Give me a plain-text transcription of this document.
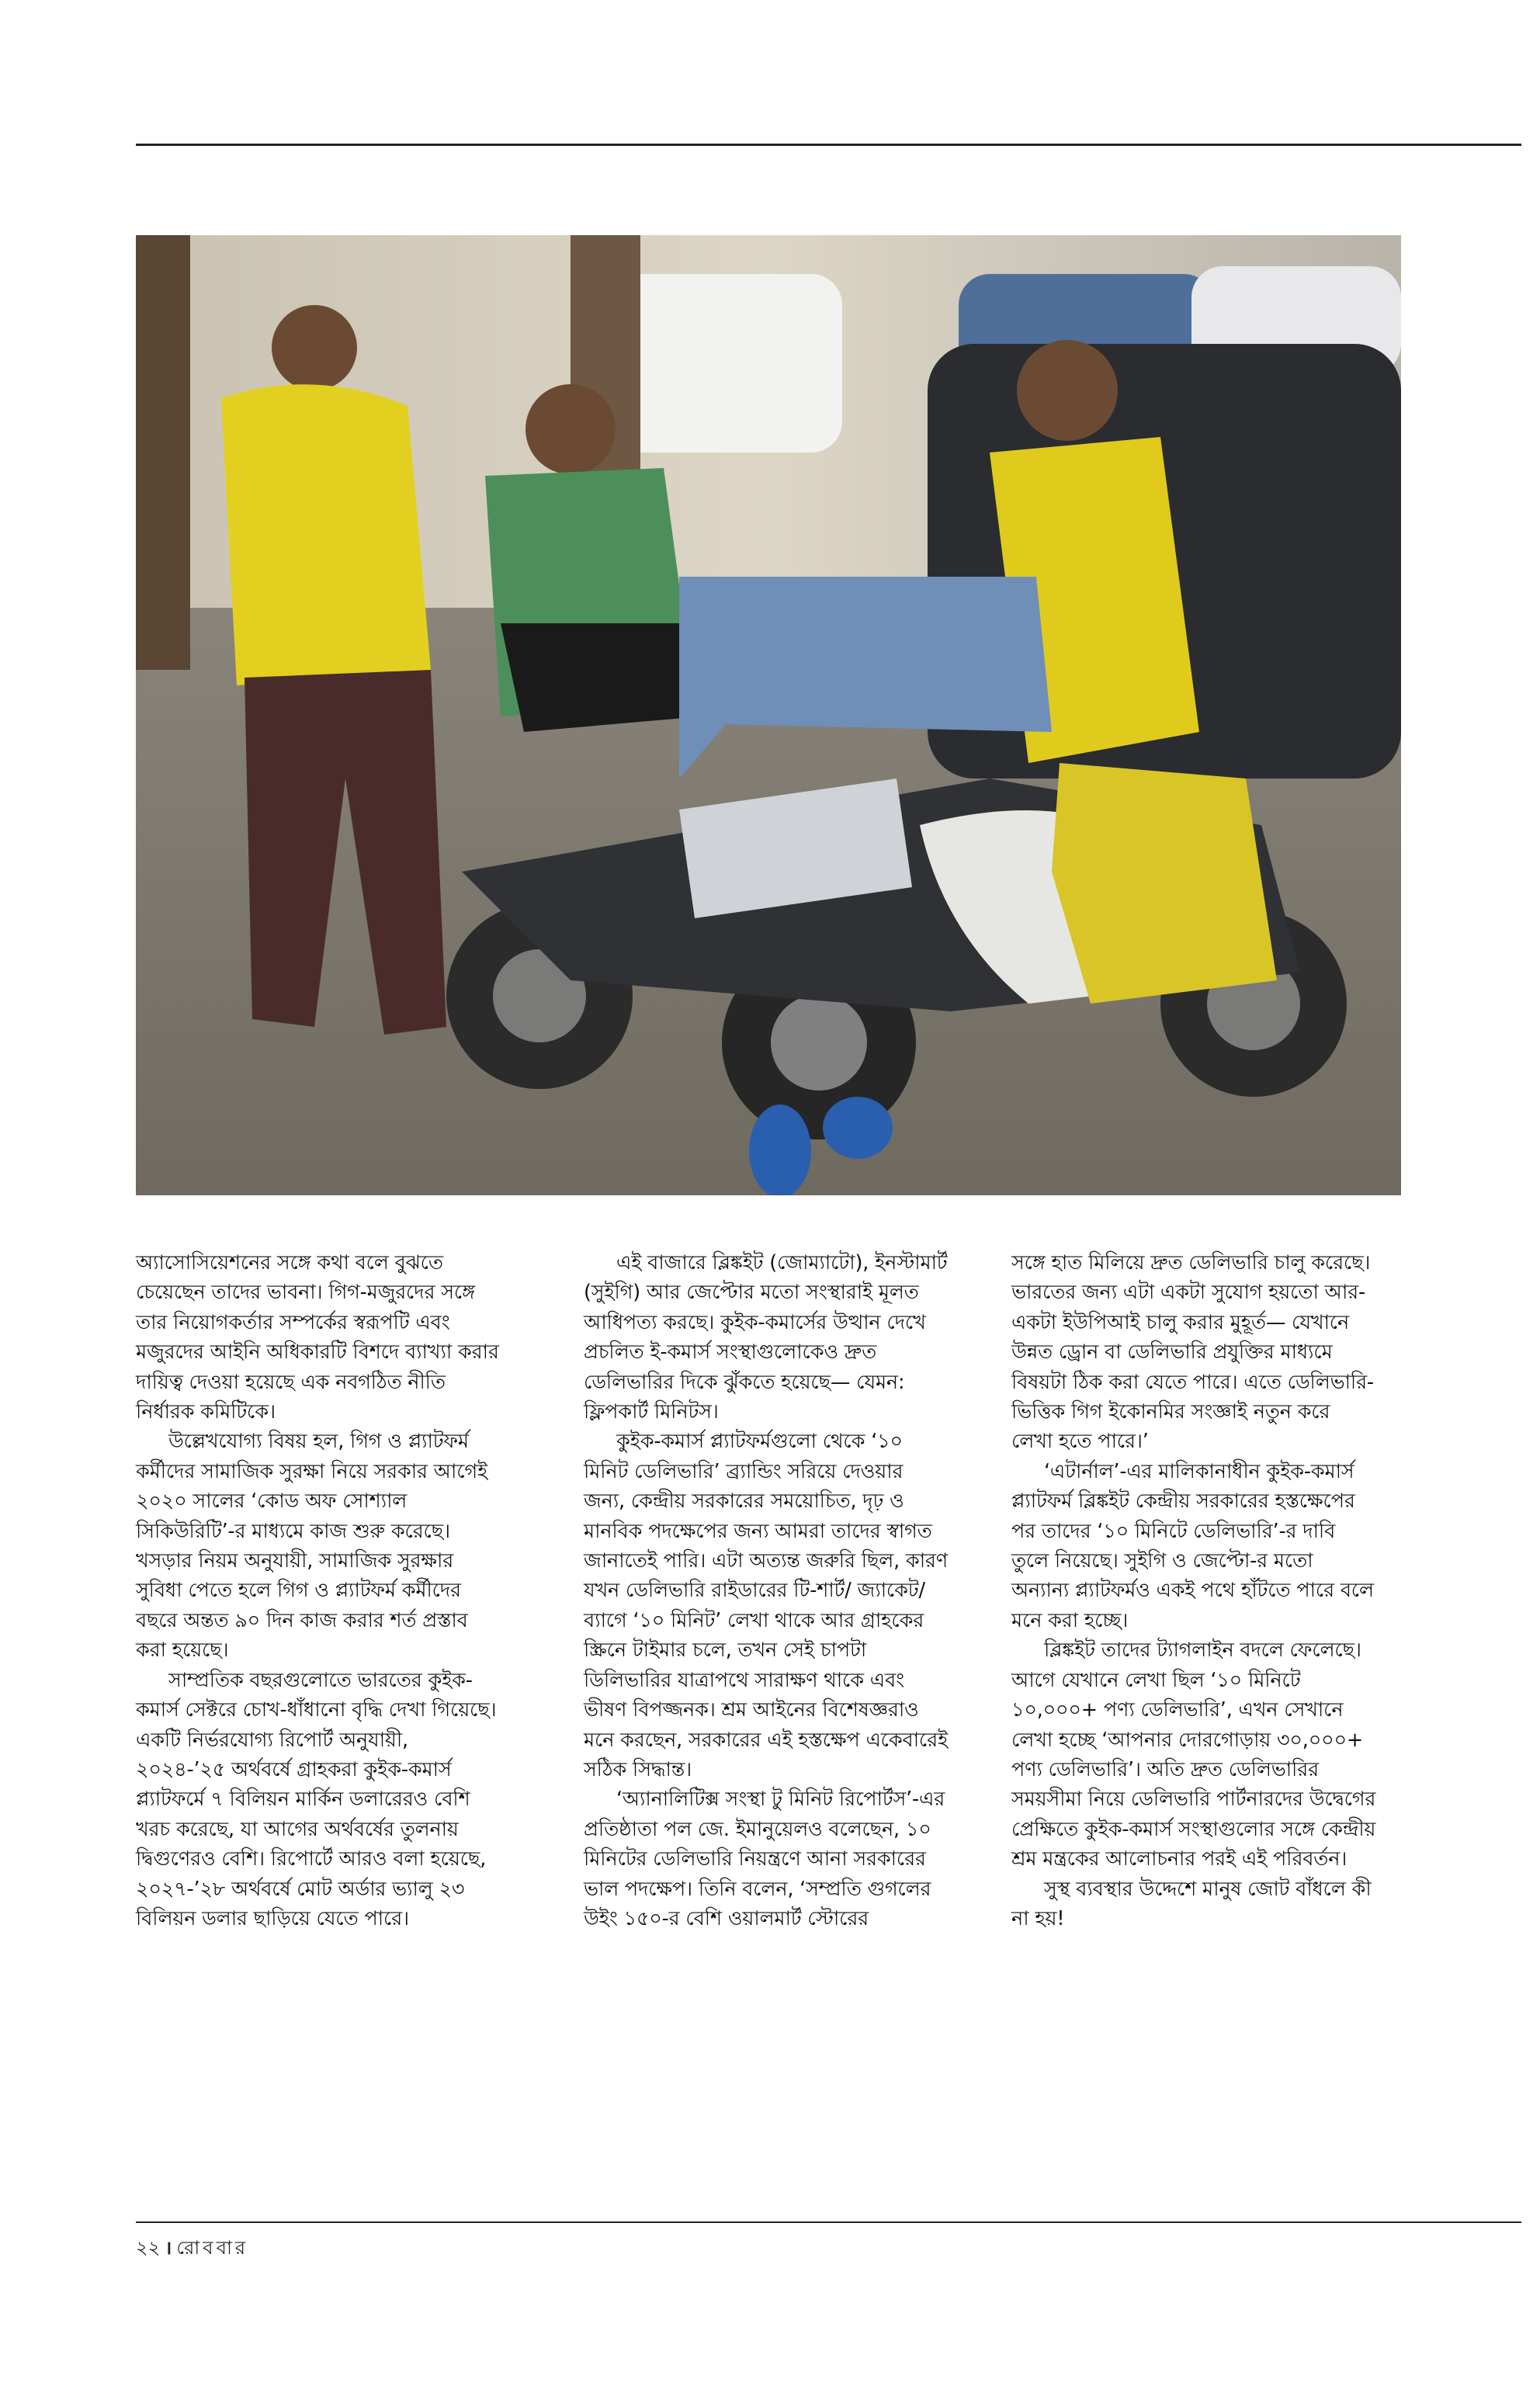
অ্যাসোসিয়েশনের সঙ্গে কথা বলে বুঝতে চেয়েছেন তাদের ভাবনা। গিগ-মজুরদের সঙ্গে তার নিয়োগকর্তার সম্পর্কের স্বরূপটি এবং মজুরদের আইনি অধিকারটি বিশদে ব্যাখ্যা করার দায়িত্ব দেওয়া হয়েছে এক নবগঠিত নীতি নির্ধারক কমিটিকে।

উল্লেখযোগ্য বিষয় হল, গিগ ও প্ল্যাটফর্ম কর্মীদের সামাজিক সুরক্ষা নিয়ে সরকার আগেই ২০২০ সালের ‘কোড অফ সোশ্যাল সিকিউরিটি’-র মাধ্যমে কাজ শুরু করেছে। খসড়ার নিয়ম অনুযায়ী, সামাজিক সুরক্ষার সুবিধা পেতে হলে গিগ ও প্ল্যাটফর্ম কর্মীদের বছরে অন্তত ৯০ দিন কাজ করার শর্ত প্রস্তাব করা হয়েছে।

সাম্প্রতিক বছরগুলোতে ভারতের কুইক-কমার্স সেক্টরে চোখ-ধাঁধানো বৃদ্ধি দেখা গিয়েছে। একটি নির্ভরযোগ্য রিপোর্ট অনুযায়ী, ২০২৪-’২৫ অর্থবর্ষে গ্রাহকরা কুইক-কমার্স প্ল্যাটফর্মে ৭ বিলিয়ন মার্কিন ডলারেরও বেশি খরচ করেছে, যা আগের অর্থবর্ষের তুলনায় দ্বিগুণেরও বেশি। রিপোর্টে আরও বলা হয়েছে, ২০২৭-’২৮ অর্থবর্ষে মোট অর্ডার ভ্যালু ২৩ বিলিয়ন ডলার ছাড়িয়ে যেতে পারে।

এই বাজারে ব্লিঙ্কইট (জোম্যাটো), ইনস্টামার্ট (সুইগি) আর জেপ্টোর মতো সংস্থারাই মূলত আধিপত্য করছে। কুইক-কমার্সের উত্থান দেখে প্রচলিত ই-কমার্স সংস্থাগুলোকেও দ্রুত ডেলিভারির দিকে ঝুঁকতে হয়েছে— যেমন: ফ্লিপকার্ট মিনিটস।

কুইক-কমার্স প্ল্যাটফর্মগুলো থেকে ‘১০ মিনিট ডেলিভারি’ ব্র্যান্ডিং সরিয়ে দেওয়ার জন্য, কেন্দ্রীয় সরকারের সময়োচিত, দৃঢ় ও মানবিক পদক্ষেপের জন্য আমরা তাদের স্বাগত জানাতেই পারি। এটা অত্যন্ত জরুরি ছিল, কারণ যখন ডেলিভারি রাইডারের টি-শার্ট/ জ্যাকেট/ ব্যাগে ‘১০ মিনিট’ লেখা থাকে আর গ্রাহকের স্ক্রিনে টাইমার চলে, তখন সেই চাপটা ডিলিভারির যাত্রাপথে সারাক্ষণ থাকে এবং ভীষণ বিপজ্জনক। শ্রম আইনের বিশেষজ্ঞরাও মনে করছেন, সরকারের এই হস্তক্ষেপ একেবারেই সঠিক সিদ্ধান্ত।

‘অ্যানালিটিক্স সংস্থা টু মিনিট রিপোর্টস’-এর প্রতিষ্ঠাতা পল জে. ইমানুয়েলও বলেছেন, ১০ মিনিটের ডেলিভারি নিয়ন্ত্রণে আনা সরকারের ভাল পদক্ষেপ। তিনি বলেন, ‘সম্প্রতি গুগলের উইং ১৫০-র বেশি ওয়ালমার্ট স্টোরের

সঙ্গে হাত মিলিয়ে দ্রুত ডেলিভারি চালু করেছে। ভারতের জন্য এটা একটা সুযোগ হয়তো আর-একটা ইউপিআই চালু করার মুহূর্ত— যেখানে উন্নত ড্রোন বা ডেলিভারি প্রযুক্তির মাধ্যমে বিষয়টা ঠিক করা যেতে পারে। এতে ডেলিভারি-ভিত্তিক গিগ ইকোনমির সংজ্ঞাই নতুন করে লেখা হতে পারে।’

‘এটার্নাল’-এর মালিকানাধীন কুইক-কমার্স প্ল্যাটফর্ম ব্লিঙ্কইট কেন্দ্রীয় সরকারের হস্তক্ষেপের পর তাদের ‘১০ মিনিটে ডেলিভারি’-র দাবি তুলে নিয়েছে। সুইগি ও জেপ্টো-র মতো অন্যান্য প্ল্যাটফর্মও একই পথে হাঁটতে পারে বলে মনে করা হচ্ছে।

ব্লিঙ্কইট তাদের ট্যাগলাইন বদলে ফেলেছে। আগে যেখানে লেখা ছিল ‘১০ মিনিটে ১০,০০০+ পণ্য ডেলিভারি’, এখন সেখানে লেখা হচ্ছে ‘আপনার দোরগোড়ায় ৩০,০০০+ পণ্য ডেলিভারি’। অতি দ্রুত ডেলিভারির সময়সীমা নিয়ে ডেলিভারি পার্টনারদের উদ্বেগের প্রেক্ষিতে কুইক-কমার্স সংস্থাগুলোর সঙ্গে কেন্দ্রীয় শ্রম মন্ত্রকের আলোচনার পরই এই পরিবর্তন।

সুস্থ ব্যবস্থার উদ্দেশে মানুষ জোট বাঁধলে কী না হয়!

২২ । রোববার
